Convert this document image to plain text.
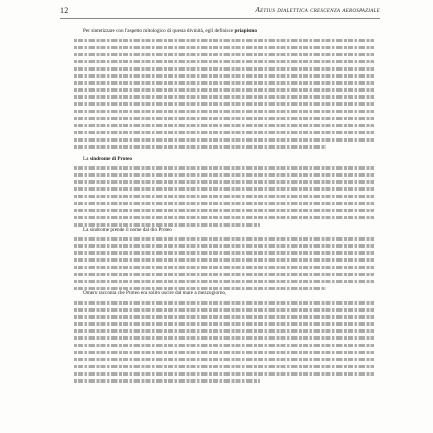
12	Aetius dialettica crescenza aerospaziale
Per sintetizzare con l'aspetto mitologico di questa divinità, egli definisce priapismo
La sindrome di Proteo
La sindrome prende il nome dal dio Proteo
Omero racconta che Proteo era solito uscire dal mare a mezzogiorno,
